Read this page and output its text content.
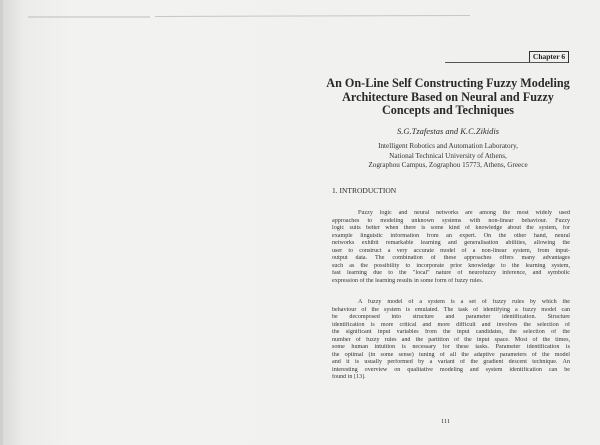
Chapter 6
An On-Line Self Constructing Fuzzy Modeling
Architecture Based on Neural and Fuzzy
Concepts and Techniques
S.G.Tzafestas and K.C.Zikidis
Intelligent Robotics and Automation Laboratory,
National Technical University of Athens,
Zographou Campus, Zographou 15773, Athens, Greece
1. INTRODUCTION
Fuzzy logic and neural networks are among the most widely used
approaches to modeling unknown systems with non-linear behaviour. Fuzzy
logic suits better when there is some kind of knowledge about the system, for
example linguistic information from an expert. On the other hand, neural
networks exhibit remarkable learning and generalisation abilities, allowing the
user to construct a very accurate model of a non-linear system, from input-
output data. The combination of these approaches offers many advantages
such as the possibility to incorporate prior knowledge to the learning system,
fast learning due to the "local" nature of neurofuzzy inference, and symbolic
expression of the learning results in some form of fuzzy rules.
A fuzzy model of a system is a set of fuzzy rules by which the
behaviour of the system is emulated. The task of identifying a fuzzy model can
be decomposed into structure and parameter identification. Structure
identification is more critical and more difficult and involves the selection of
the significant input variables from the input candidates, the selection of the
number of fuzzy rules and the partition of the input space. Most of the times,
some human intuition is necessary for these tasks. Parameter identification is
the optimal (in some sense) tuning of all the adaptive parameters of the model
and it is usually performed by a variant of the gradient descent technique. An
interesting overview on qualitative modeling and system identification can be
found in [13].
111
